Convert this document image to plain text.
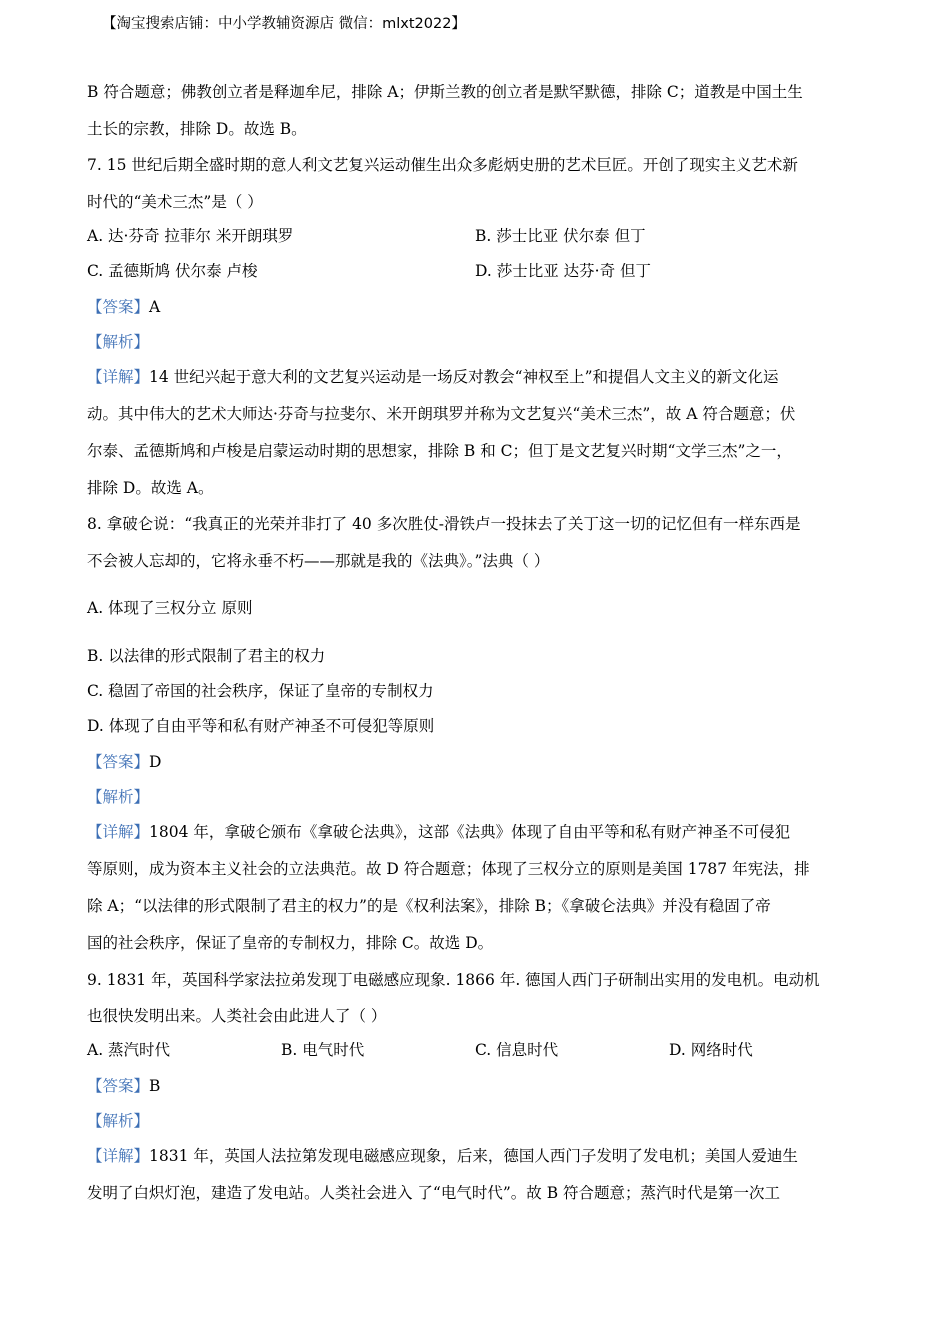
【淘宝搜索店铺：中小学教辅资源店 微信：mlxt2022】
B 符合题意；佛教创立者是释迦牟尼，排除 A；伊斯兰教的创立者是默罕默德，排除 C；道教是中国土生
土长的宗教，排除 D。故选 B。
7. 15 世纪后期全盛时期的意人利文艺复兴运动催生出众多彪炳史册的艺术巨匠。开创了现实主义艺术新
时代的“美术三杰”是（ ）
A. 达·芬奇 拉菲尔 米开朗琪罗	B. 莎士比亚 伏尔泰 但丁
C. 孟德斯鸠 伏尔泰 卢梭	D. 莎士比亚 达芬·奇 但丁
【答案】A
【解析】
【详解】14 世纪兴起于意大利的文艺复兴运动是一场反对教会“神权至上”和提倡人文主义的新文化运
动。其中伟大的艺术大师达·芬奇与拉斐尔、米开朗琪罗并称为文艺复兴“美术三杰”，故 A 符合题意；伏
尔泰、孟德斯鸠和卢梭是启蒙运动时期的思想家，排除 B 和 C；但丁是文艺复兴时期“文学三杰”之一，
排除 D。故选 A。
8. 拿破仑说：“我真正的光荣并非打了 40 多次胜仗-滑铁卢一投抹去了关丁这一切的记忆但有一样东西是
不会被人忘却的，它将永垂不朽——那就是我的《法典》。”法典（ ）
A. 体现了三权分立 原则
B. 以法律的形式限制了君主的权力
C. 稳固了帝国的社会秩序，保证了皇帝的专制权力
D. 体现了自由平等和私有财产神圣不可侵犯等原则
【答案】D
【解析】
【详解】1804 年，拿破仑颁布《拿破仑法典》，这部《法典》体现了自由平等和私有财产神圣不可侵犯
等原则，成为资本主义社会的立法典范。故 D 符合题意；体现了三权分立的原则是美国 1787 年宪法，排
除 A；“以法律的形式限制了君主的权力”的是《权利法案》，排除 B；《拿破仑法典》并没有稳固了帝
国的社会秩序，保证了皇帝的专制权力，排除 C。故选 D。
9. 1831 年，英国科学家法拉弟发现丁电磁感应现象. 1866 年. 德国人西门子研制出实用的发电机。电动机
也很快发明出来。人类社会由此进人了（ ）
A. 蒸汽时代	B. 电气时代	C. 信息时代	D. 网络时代
【答案】B
【解析】
【详解】1831 年，英国人法拉第发现电磁感应现象，后来，德国人西门子发明了发电机；美国人爱迪生
发明了白炽灯泡，建造了发电站。人类社会进入 了“电气时代”。故 B 符合题意；蒸汽时代是第一次工
